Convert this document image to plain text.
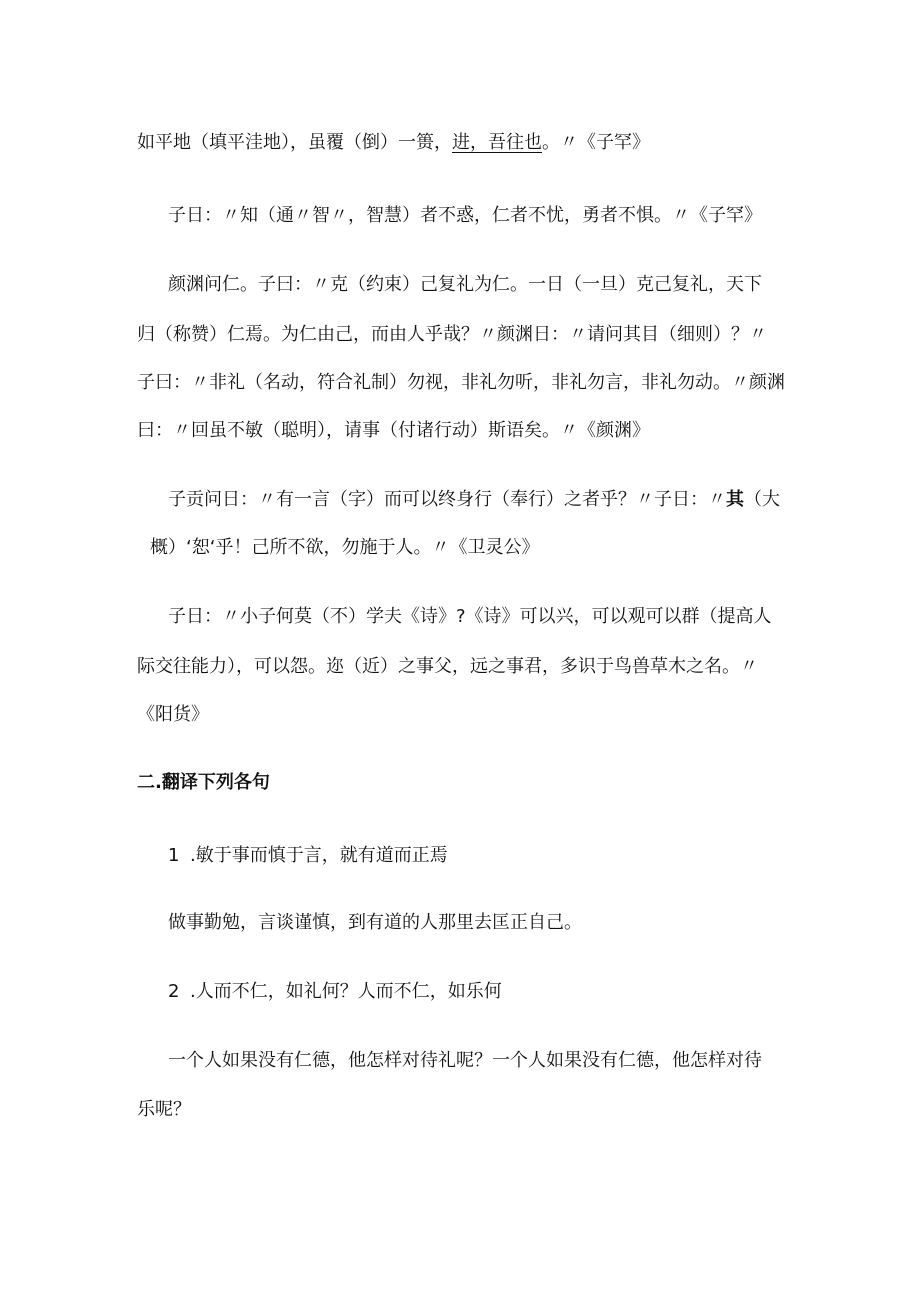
如平地（填平洼地），虽覆（倒）一篑，进，吾往也。〃《子罕》
子日：〃知（通〃智〃，智慧）者不惑，仁者不忧，勇者不惧。〃《子罕》
颜渊问仁。子曰：〃克（约束）己复礼为仁。一日（一旦）克己复礼，天下
归（称赞）仁焉。为仁由己，而由人乎哉？〃颜渊日：〃请问其目（细则）？〃
子曰：〃非礼（名动，符合礼制）勿视，非礼勿听，非礼勿言，非礼勿动。〃颜渊
曰：〃回虽不敏（聪明），请事（付诸行动）斯语矣。〃《颜渊》
子贡问日：〃有一言（字）而可以终身行（奉行）之者乎？〃子日：〃其（大
概）‘恕‘乎！己所不欲，勿施于人。〃《卫灵公》
子日：〃小子何莫（不）学夫《诗》?《诗》可以兴，可以观可以群（提高人
际交往能力），可以怨。迩（近）之事父，远之事君，多识于鸟兽草木之名。〃
《阳货》
二.翻译下列各句
1 .敏于事而慎于言，就有道而正焉
做事勤勉，言谈谨慎，到有道的人那里去匡正自己。
2 .人而不仁，如礼何？人而不仁，如乐何
一个人如果没有仁德，他怎样对待礼呢？一个人如果没有仁德，他怎样对待
乐呢？
